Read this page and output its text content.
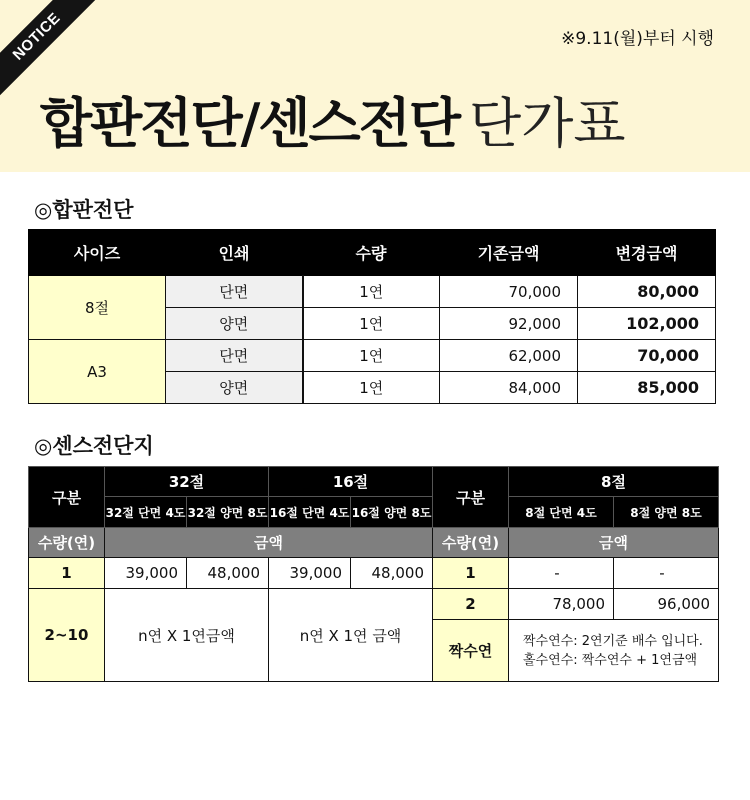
NOTICE	※9.11(월)부터 시행
합판전단/센스전단 단가표
◎합판전단
사이즈	인쇄	수량	기존금액	변경금액
8절	단면	1연	70,000	80,000
	양면	1연	92,000	102,000
A3	단면	1연	62,000	70,000
	양면	1연	84,000	85,000
◎센스전단지
구분	32절		16절		구분	8절	
	32절 단면 4도	32절 양면 8도	16절 단면 4도	16절 양면 8도		8절 단면 4도	8절 양면 8도
수량(연)	금액				수량(연)	금액	
1	39,000	48,000	39,000	48,000	1	-	-
2~10	n연 X 1연금액		n연 X 1연 금액		2	78,000	96,000
					짝수연	짝수연수: 2연기준 배수 입니다.
홀수연수: 짝수연수 + 1연금액	
